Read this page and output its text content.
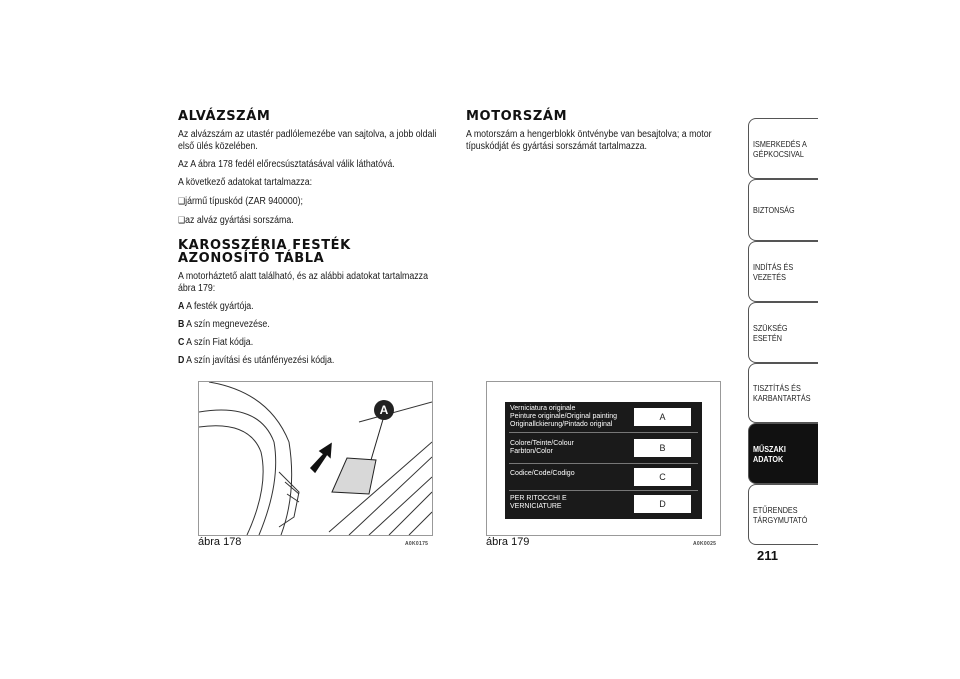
ALVÁZSZÁM

Az alvázszám az utastér padlólemezébe van sajtolva, a jobb oldali első ülés közelében.

Az A ábra 178 fedél előrecsúsztatásával válik láthatóvá.

A következő adatokat tartalmazza:

❑ jármű típuskód (ZAR 940000);

❑ az alváz gyártási sorszáma.

KAROSSZÉRIA FESTÉK AZONOSÍTÓ TÁBLA

A motorháztető alatt található, és az alábbi adatokat tartalmazza ábra 179:

A A festék gyártója.

B A szín megnevezése.

C A szín Fiat kódja.

D A szín javítási és utánfényezési kódja.

MOTORSZÁM

A motorszám a hengerblokk öntvénybe van besajtolva; a motor típuskódját és gyártási sorszámát tartalmazza.

A
ábra 178	A0K0175
Verniciatura originale
Peinture originale/Original painting
Originallckierung/Pintado original
A
Colore/Teinte/Colour
Farbton/Color	B
Codice/Code/Codigo	C
PER RITOCCHI E
VERNICIATURE	D
ábra 179	A0K0025
ISMERKEDÉS A GÉPKOCSIVAL
BIZTONSÁG
INDÍTÁS ÉS VEZETÉS
SZÜKSÉG ESETÉN
TISZTÍTÁS ÉS KARBANTARTÁS
MŰSZAKI ADATOK
ETŰRENDES TÁRGYMUTATÓ
211
